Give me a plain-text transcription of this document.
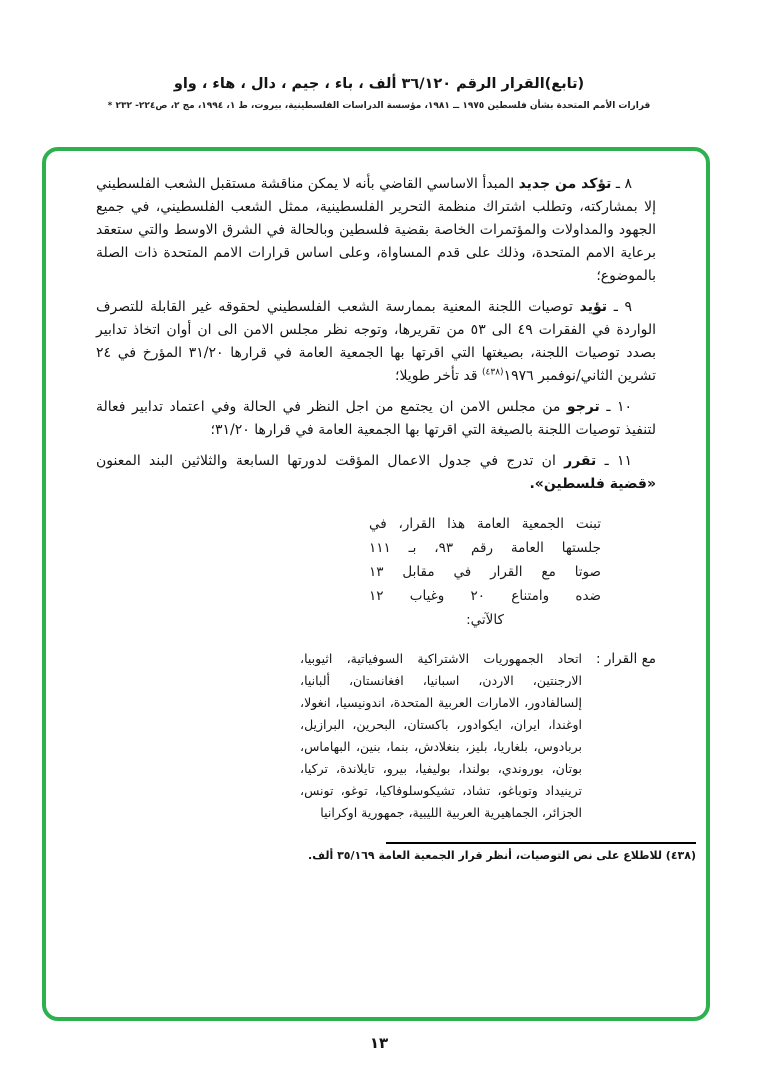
(تابع)القرار الرقم ٣٦/١٢٠ ألف ، باء ، جيم ، دال ، هاء ، واو
قرارات الأمم المتحدة بشأن فلسطين ١٩٧٥ ــ ١٩٨١، مؤسسة الدراسات الفلسطينية، بيروت، ط ١، ١٩٩٤، مج ٢، ص٢٢٤- ٢٣٢ *

٨ ـ تؤكد من جديد المبدأ الاساسي القاضي بأنه لا يمكن مناقشة مستقبل الشعب الفلسطيني إلا بمشاركته، وتطلب اشتراك منظمة التحرير الفلسطينية، ممثل الشعب الفلسطيني، في جميع الجهود والمداولات والمؤتمرات الخاصة بقضية فلسطين وبالحالة في الشرق الاوسط والتي ستعقد برعاية الامم المتحدة، وذلك على قدم المساواة، وعلى اساس قرارات الامم المتحدة ذات الصلة بالموضوع؛

٩ ـ تؤيد توصيات اللجنة المعنية بممارسة الشعب الفلسطيني لحقوقه غير القابلة للتصرف الواردة في الفقرات ٤٩ الى ٥٣ من تقريرها، وتوجه نظر مجلس الامن الى ان أوان اتخاذ تدابير بصدد توصيات اللجنة، بصيغتها التي اقرتها بها الجمعية العامة في قرارها ٣١/٢٠ المؤرخ في ٢٤ تشرين الثاني/نوفمبر ١٩٧٦$^{(٤٣٨)}$ قد تأخر طويلا؛

١٠ ـ ترجو من مجلس الامن ان يجتمع من اجل النظر في الحالة وفي اعتماد تدابير فعالة لتنفيذ توصيات اللجنة بالصيغة التي اقرتها بها الجمعية العامة في قرارها ٣١/٢٠؛

١١ ـ تقرر ان تدرج في جدول الاعمال المؤقت لدورتها السابعة والثلاثين البند المعنون «قضية فلسطين».

تبنت الجمعية العامة هذا القرار، في
جلستها العامة رقم ٩٣، بـ ١١١
صوتا مع القرار في مقابل ١٣
ضده وامتناع ٢٠ وغياب ١٢
كالآتي:
مع القرار :
اتحاد الجمهوريات الاشتراكية السوفياتية، اثيوبيا، الارجنتين، الاردن، اسبانيا، افغانستان، ألبانيا، إلسالفادور، الامارات العربية المتحدة، اندونيسيا، انغولا، اوغندا، ايران، ايكوادور، باكستان، البحرين، البرازيل، بربادوس، بلغاريا، بليز، بنغلادش، بنما، بنين، البهاماس، بوتان، بوروندي، بولندا، بوليفيا، بيرو، تايلاندة، تركيا، ترينيداد وتوباغو، تشاد، تشيكوسلوفاكيا، توغو، تونس، الجزائر، الجماهيرية العربية الليبية، جمهورية اوكرانيا
(٤٣٨) للاطلاع على نص التوصيات، أنظر قرار الجمعية العامة ٣٥/١٦٩ ألف.
١٣
